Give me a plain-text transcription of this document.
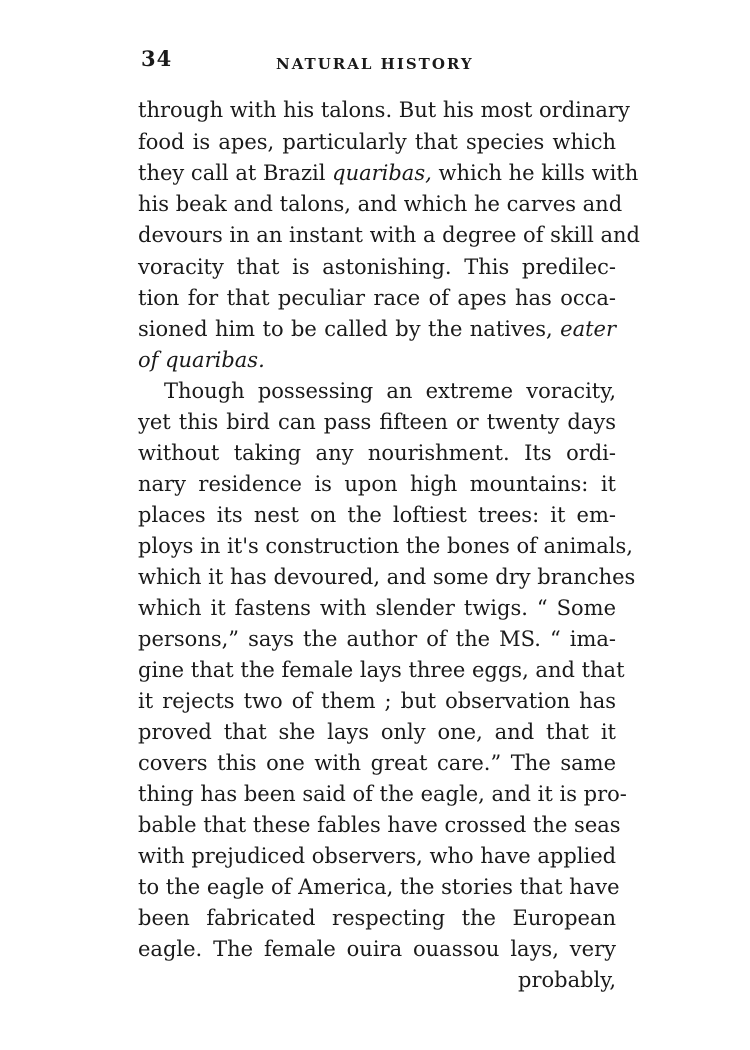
34	NATURAL HISTORY
through with his talons. But his most ordinary
food is apes, particularly that species which
they call at Brazil quaribas, which he kills with
his beak and talons, and which he carves and
devours in an instant with a degree of skill and
voracity that is astonishing. This predilec-
tion for that peculiar race of apes has occa-
sioned him to be called by the natives, eater
of quaribas.
Though possessing an extreme voracity,
yet this bird can pass fifteen or twenty days
without taking any nourishment. Its ordi-
nary residence is upon high mountains: it
places its nest on the loftiest trees: it em-
ploys in it's construction the bones of animals,
which it has devoured, and some dry branches
which it fastens with slender twigs. “ Some
persons,” says the author of the MS. “ ima-
gine that the female lays three eggs, and that
it rejects two of them ; but observation has
proved that she lays only one, and that it
covers this one with great care.” The same
thing has been said of the eagle, and it is pro-
bable that these fables have crossed the seas
with prejudiced observers, who have applied
to the eagle of America, the stories that have
been fabricated respecting the European
eagle. The female ouira ouassou lays, very
probably,
